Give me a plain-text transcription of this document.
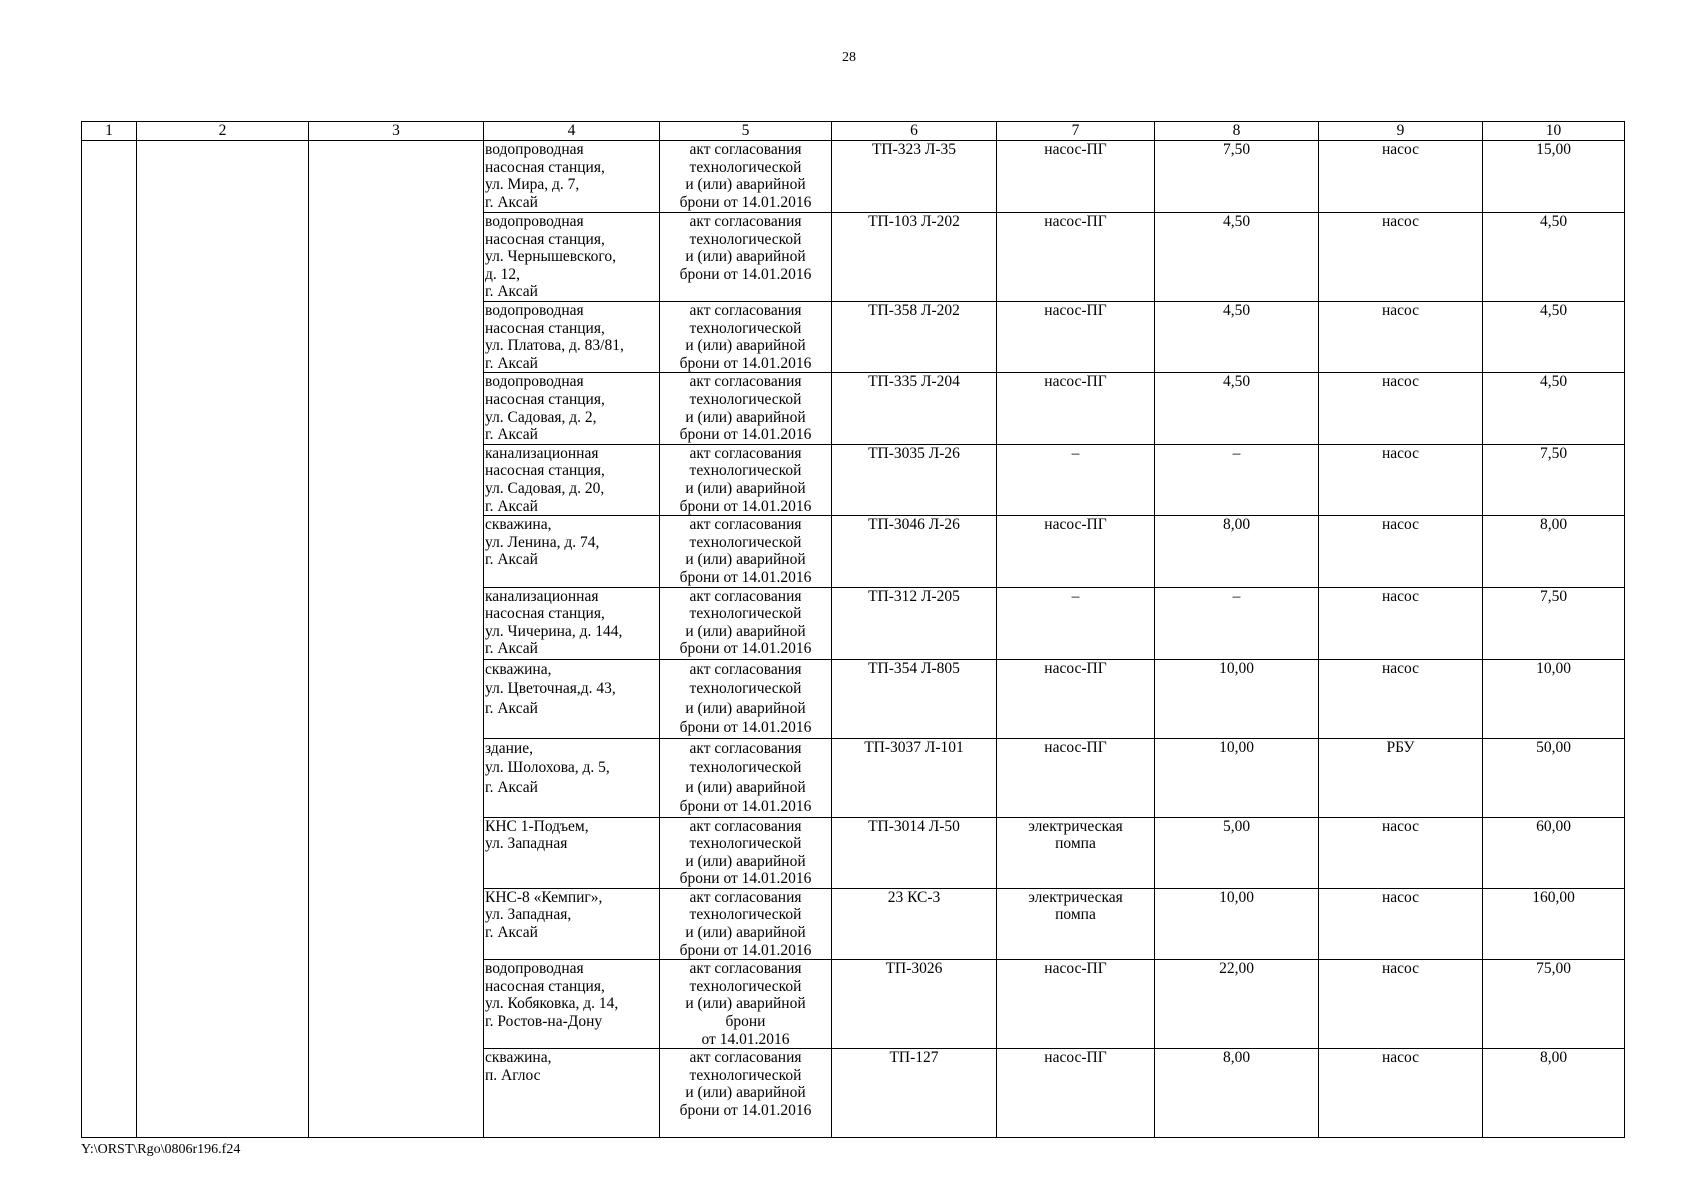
28
1	2	3	4	5	6	7	8	9	10
			водопроводная
насосная станция,
ул. Мира, д. 7,
г. Аксай	акт согласования
технологической
и (или) аварийной
брони от 14.01.2016	ТП-323 Л-35	насос-ПГ	7,50	насос	15,00
			водопроводная
насосная станция,
ул. Чернышевского,
д. 12,
г. Аксай	акт согласования
технологической
и (или) аварийной
брони от 14.01.2016	ТП-103 Л-202	насос-ПГ	4,50	насос	4,50
			водопроводная
насосная станция,
ул. Платова, д. 83/81,
г. Аксай	акт согласования
технологической
и (или) аварийной
брони от 14.01.2016	ТП-358 Л-202	насос-ПГ	4,50	насос	4,50
			водопроводная
насосная станция,
ул. Садовая, д. 2,
г. Аксай	акт согласования
технологической
и (или) аварийной
брони от 14.01.2016	ТП-335 Л-204	насос-ПГ	4,50	насос	4,50
			канализационная
насосная станция,
ул. Садовая, д. 20,
г. Аксай	акт согласования
технологической
и (или) аварийной
брони от 14.01.2016	ТП-3035 Л-26	–	–	насос	7,50
			скважина,
ул. Ленина, д. 74,
г. Аксай	акт согласования
технологической
и (или) аварийной
брони от 14.01.2016	ТП-3046 Л-26	насос-ПГ	8,00	насос	8,00
			канализационная
насосная станция,
ул. Чичерина, д. 144,
г. Аксай	акт согласования
технологической
и (или) аварийной
брони от 14.01.2016	ТП-312 Л-205	–	–	насос	7,50
			скважина,
ул. Цветочная,д. 43,
г. Аксай	акт согласования
технологической
и (или) аварийной
брони от 14.01.2016	ТП-354 Л-805	насос-ПГ	10,00	насос	10,00
			здание,
ул. Шолохова, д. 5,
г. Аксай	акт согласования
технологической
и (или) аварийной
брони от 14.01.2016	ТП-3037 Л-101	насос-ПГ	10,00	РБУ	50,00
			КНС 1-Подъем,
ул. Западная	акт согласования
технологической
и (или) аварийной
брони от 14.01.2016	ТП-3014 Л-50	электрическая
помпа	5,00	насос	60,00
			КНС-8 «Кемпиг»,
ул. Западная,
г. Аксай	акт согласования
технологической
и (или) аварийной
брони от 14.01.2016	23 КС-3	электрическая
помпа	10,00	насос	160,00
			водопроводная
насосная станция,
ул. Кобяковка, д. 14,
г. Ростов-на-Дону	акт согласования
технологической
и (или) аварийной
брони
от 14.01.2016	ТП-3026	насос-ПГ	22,00	насос	75,00
			скважина,
п. Аглос	акт согласования
технологической
и (или) аварийной
брони от 14.01.2016	ТП-127	насос-ПГ	8,00	насос	8,00
Y:\ORST\Rgo\0806r196.f24
